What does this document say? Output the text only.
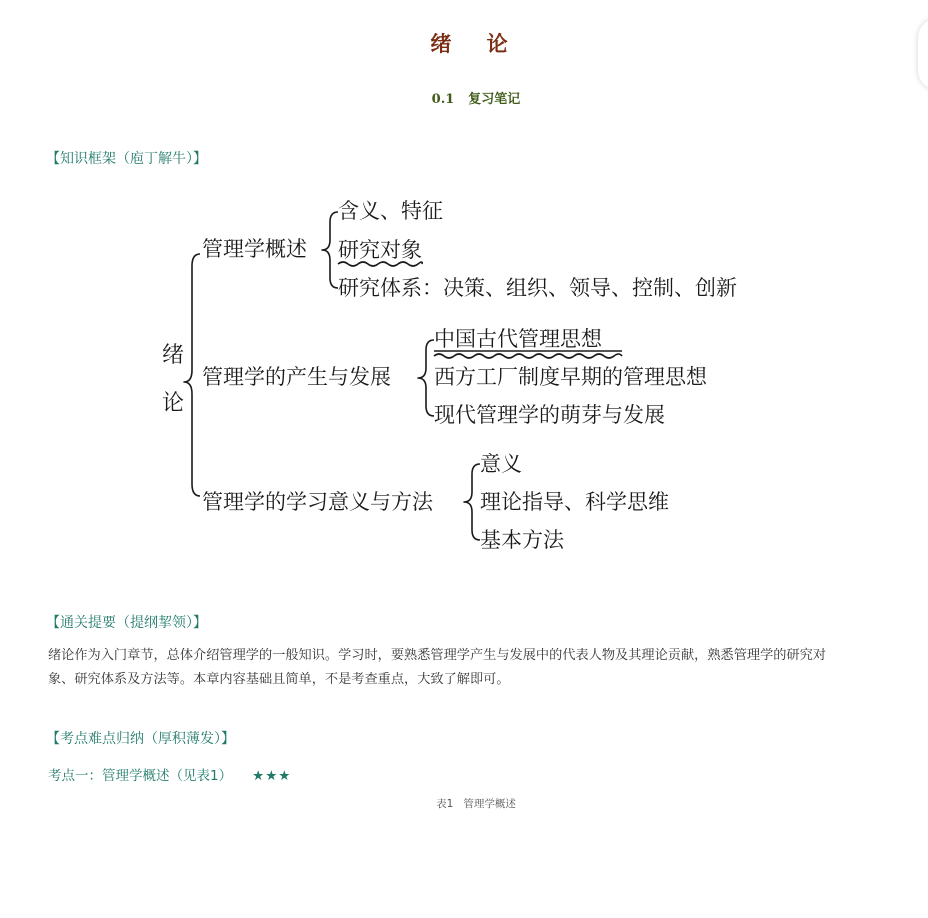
绪 论
0.1 复习笔记
【知识框架（庖丁解牛）】
绪
论
管理学概述
含义、特征
研究对象
研究体系：决策、组织、领导、控制、创新
管理学的产生与发展
中国古代管理思想
西方工厂制度早期的管理思想
现代管理学的萌芽与发展
管理学的学习意义与方法
意义
理论指导、科学思维
基本方法
【通关提要（提纲挈领）】
绪论作为入门章节，总体介绍管理学的一般知识。学习时，要熟悉管理学产生与发展中的代表人物及其理论贡献，熟悉管理学的研究对
象、研究体系及方法等。本章内容基础且简单，不是考查重点，大致了解即可。
【考点难点归纳（厚积薄发）】
考点一：管理学概述（见表1） ★★★
表1 管理学概述
